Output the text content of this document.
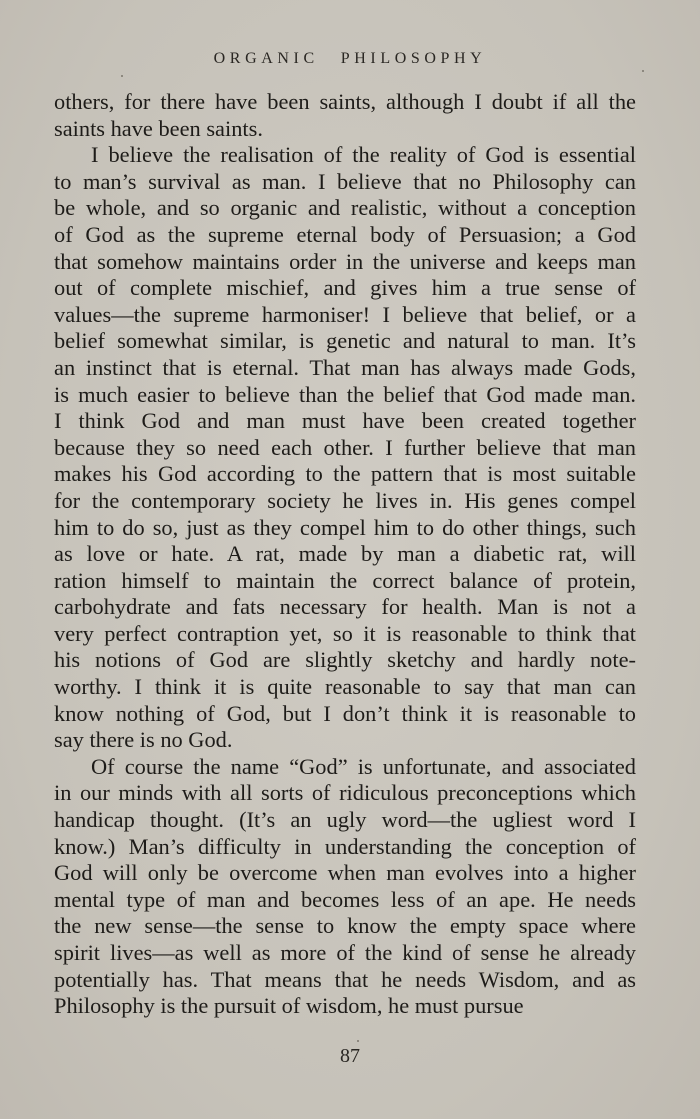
ORGANIC PHILOSOPHY
others, for there have been saints, although I doubt if all the
saints have been saints.
I believe the realisation of the reality of God is essential
to man’s survival as man. I believe that no Philosophy can
be whole, and so organic and realistic, without a conception
of God as the supreme eternal body of Persuasion; a God
that somehow maintains order in the universe and keeps man
out of complete mischief, and gives him a true sense of
values—the supreme harmoniser! I believe that belief, or a
belief somewhat similar, is genetic and natural to man. It’s
an instinct that is eternal. That man has always made Gods,
is much easier to believe than the belief that God made man.
I think God and man must have been created together
because they so need each other. I further believe that man
makes his God according to the pattern that is most suitable
for the contemporary society he lives in. His genes compel
him to do so, just as they compel him to do other things, such
as love or hate. A rat, made by man a diabetic rat, will
ration himself to maintain the correct balance of protein,
carbohydrate and fats necessary for health. Man is not a
very perfect contraption yet, so it is reasonable to think that
his notions of God are slightly sketchy and hardly note-
worthy. I think it is quite reasonable to say that man can
know nothing of God, but I don’t think it is reasonable to
say there is no God.
Of course the name “God” is unfortunate, and associated
in our minds with all sorts of ridiculous preconceptions which
handicap thought. (It’s an ugly word—the ugliest word I
know.) Man’s difficulty in understanding the conception of
God will only be overcome when man evolves into a higher
mental type of man and becomes less of an ape. He needs
the new sense—the sense to know the empty space where
spirit lives—as well as more of the kind of sense he already
potentially has. That means that he needs Wisdom, and as
Philosophy is the pursuit of wisdom, he must pursue
87
